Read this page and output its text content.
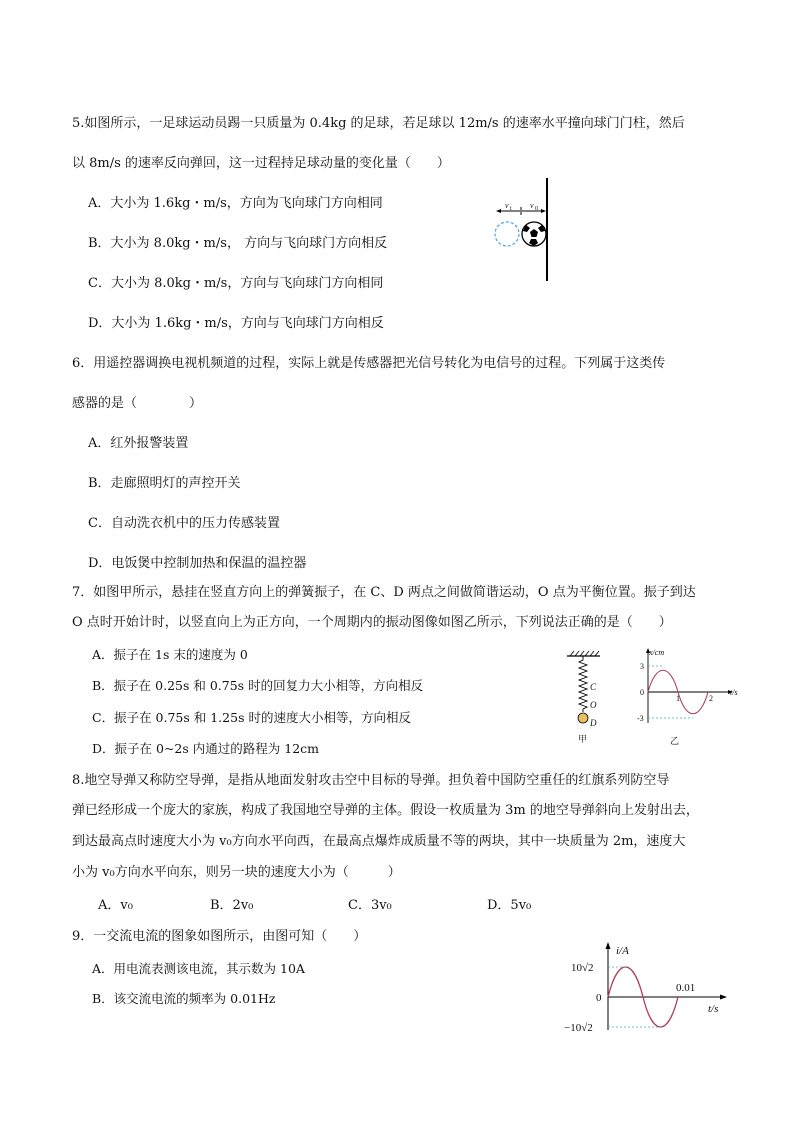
5.如图所示，一足球运动员踢一只质量为 0.4kg 的足球，若足球以 12m/s 的速率水平撞向球门门柱，然后
以 8m/s 的速率反向弹回，这一过程持足球动量的变化量（　　）
A．大小为 1.6kg・m/s，方向为飞向球门方向相同
B．大小为 8.0kg・m/s， 方向与飞向球门方向相反
C．大小为 8.0kg・m/s，方向与飞向球门方向相同
D．大小为 1.6kg・m/s，方向与飞向球门方向相反
v t v 0
6．用遥控器调换电视机频道的过程，实际上就是传感器把光信号转化为电信号的过程。下列属于这类传
感器的是（　　　　）
A．红外报警装置
B．走廊照明灯的声控开关
C．自动洗衣机中的压力传感装置
D．电饭煲中控制加热和保温的温控器
7．如图甲所示，悬挂在竖直方向上的弹簧振子，在 C、D 两点之间做简谐运动，O 点为平衡位置。振子到达
O 点时开始计时，以竖直向上为正方向，一个周期内的振动图像如图乙所示，下列说法正确的是（　　）
A．振子在 1s 末的速度为 0
B．振子在 0.25s 和 0.75s 时的回复力大小相等，方向相反
C．振子在 0.75s 和 1.25s 时的速度大小相等，方向相反
D．振子在 0~2s 内通过的路程为 12cm
C
O
D
甲
x/cm
t/s
3
0
-3
1	2
乙
8.地空导弹又称防空导弹，是指从地面发射攻击空中目标的导弹。担负着中国防空重任的红旗系列防空导
弹已经形成一个庞大的家族，构成了我国地空导弹的主体。假设一枚质量为 3m 的地空导弹斜向上发射出去，
到达最高点时速度大小为 v₀方向水平向西，在最高点爆炸成质量不等的两块，其中一块质量为 2m，速度大
小为 v₀方向水平向东，则另一块的速度大小为（　　　）
A．v₀	B．2v₀	C．3v₀	D．5v₀
9．一交流电流的图象如图所示，由图可知（　　）
A．用电流表测该电流，其示数为 10A
B．该交流电流的频率为 0.01Hz
i/A
t/s
10√2
0
−10√2
0.01
